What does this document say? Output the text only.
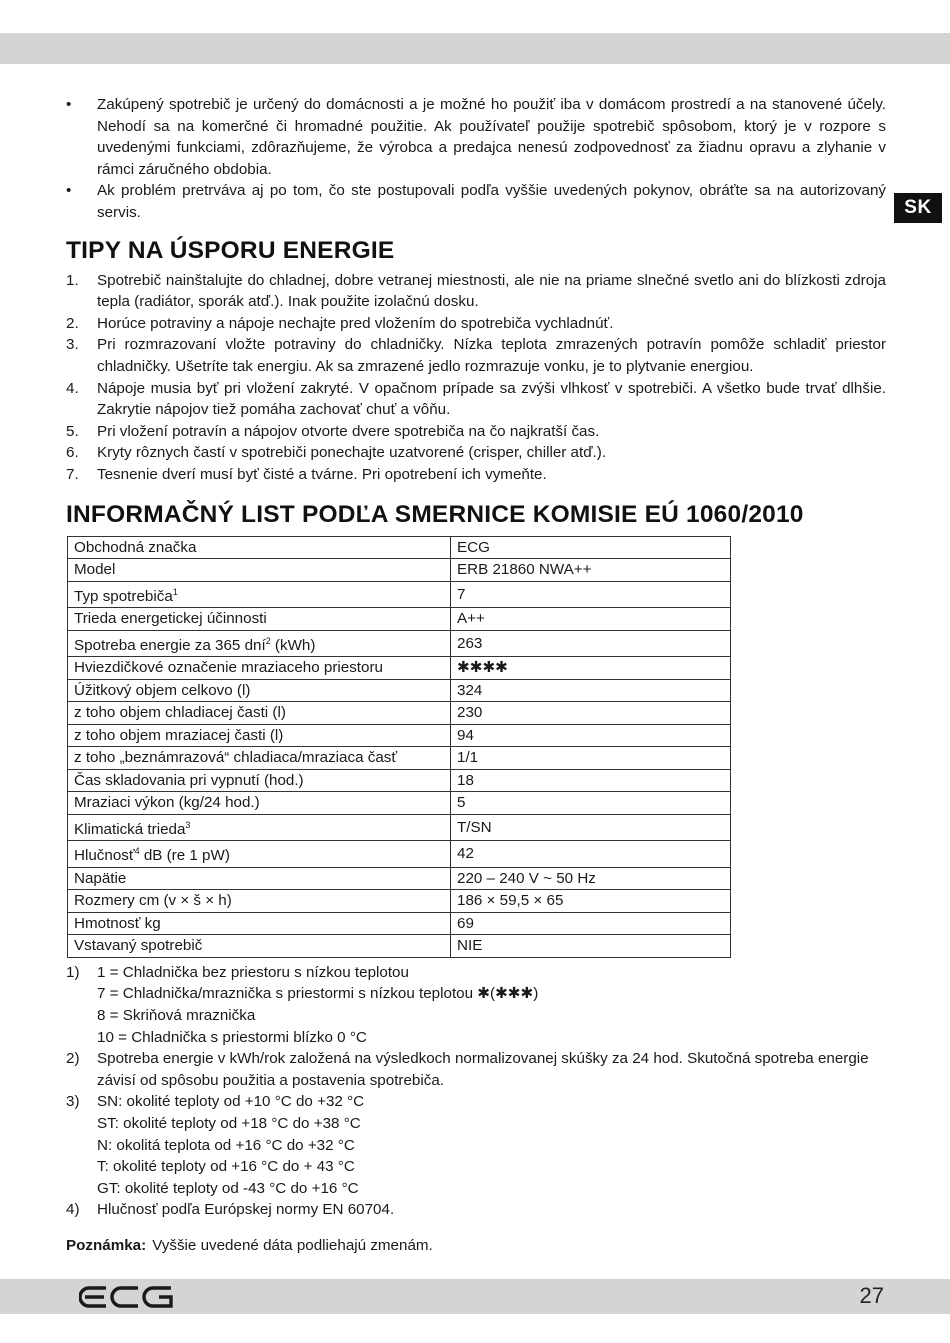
SK
• Zakúpený spotrebič je určený do domácnosti a je možné ho použiť iba v domácom prostredí a na stanovené účely. Nehodí sa na komerčné či hromadné použitie. Ak používateľ použije spotrebič spôsobom, ktorý je v rozpore s uvedenými funkciami, zdôrazňujeme, že výrobca a predajca nenesú zodpovednosť za žiadnu opravu a zlyhanie v rámci záručného obdobia.
• Ak problém pretrváva aj po tom, čo ste postupovali podľa vyššie uvedených pokynov, obráťte sa na autorizovaný servis.
TIPY NA ÚSPORU ENERGIE
1. Spotrebič nainštalujte do chladnej, dobre vetranej miestnosti, ale nie na priame slnečné svetlo ani do blízkosti zdroja tepla (radiátor, sporák atď.). Inak použite izolačnú dosku.
2. Horúce potraviny a nápoje nechajte pred vložením do spotrebiča vychladnúť.
3. Pri rozmrazovaní vložte potraviny do chladničky. Nízka teplota zmrazených potravín pomôže schladiť priestor chladničky. Ušetríte tak energiu. Ak sa zmrazené jedlo rozmrazuje vonku, je to plytvanie energiou.
4. Nápoje musia byť pri vložení zakryté. V opačnom prípade sa zvýši vlhkosť v spotrebiči. A všetko bude trvať dlhšie. Zakrytie nápojov tiež pomáha zachovať chuť a vôňu.
5. Pri vložení potravín a nápojov otvorte dvere spotrebiča na čo najkratší čas.
6. Kryty rôznych častí v spotrebiči ponechajte uzatvorené (crisper, chiller atď.).
7. Tesnenie dverí musí byť čisté a tvárne. Pri opotrebení ich vymeňte.
INFORMAČNÝ LIST PODĽA SMERNICE KOMISIE EÚ 1060/2010
Obchodná značka	ECG
Model	ERB 21860 NWA++
Typ spotrebiča$^1$	7
Trieda energetickej účinnosti	A++
Spotreba energie za 365 dní$^2$ (kWh)	263
Hviezdičkové označenie mraziaceho priestoru	✱✱✱✱
Úžitkový objem celkovo (l)	324
z toho objem chladiacej časti (l)	230
z toho objem mraziacej časti (l)	94
z toho „beznámrazová“ chladiaca/mraziaca časť	1/1
Čas skladovania pri vypnutí (hod.)	18
Mraziaci výkon (kg/24 hod.)	5
Klimatická trieda$^3$	T/SN
Hlučnosť$^4$ dB (re 1 pW)	42
Napätie	220 – 240 V ~ 50 Hz
Rozmery cm (v × š × h)	186 × 59,5 × 65
Hmotnosť kg	69
Vstavaný spotrebič	NIE
1) 1 = Chladnička bez priestoru s nízkou teplotou
7 = Chladnička/mraznička s priestormi s nízkou teplotou ✱(✱✱✱)
8 = Skriňová mraznička
10 = Chladnička s priestormi blízko 0 °C
2) Spotreba energie v kWh/rok založená na výsledkoch normalizovanej skúšky za 24 hod. Skutočná spotreba energie závisí od spôsobu použitia a postavenia spotrebiča.
3) SN: okolité teploty od +10 °C do +32 °C
ST: okolité teploty od +18 °C do +38 °C
N: okolitá teplota od +16 °C do +32 °C
T: okolité teploty od +16 °C do + 43 °C
GT: okolité teploty od -43 °C do +16 °C
4) Hlučnosť podľa Európskej normy EN 60704.
Poznámka: Vyššie uvedené dáta podliehajú zmenám.
27
